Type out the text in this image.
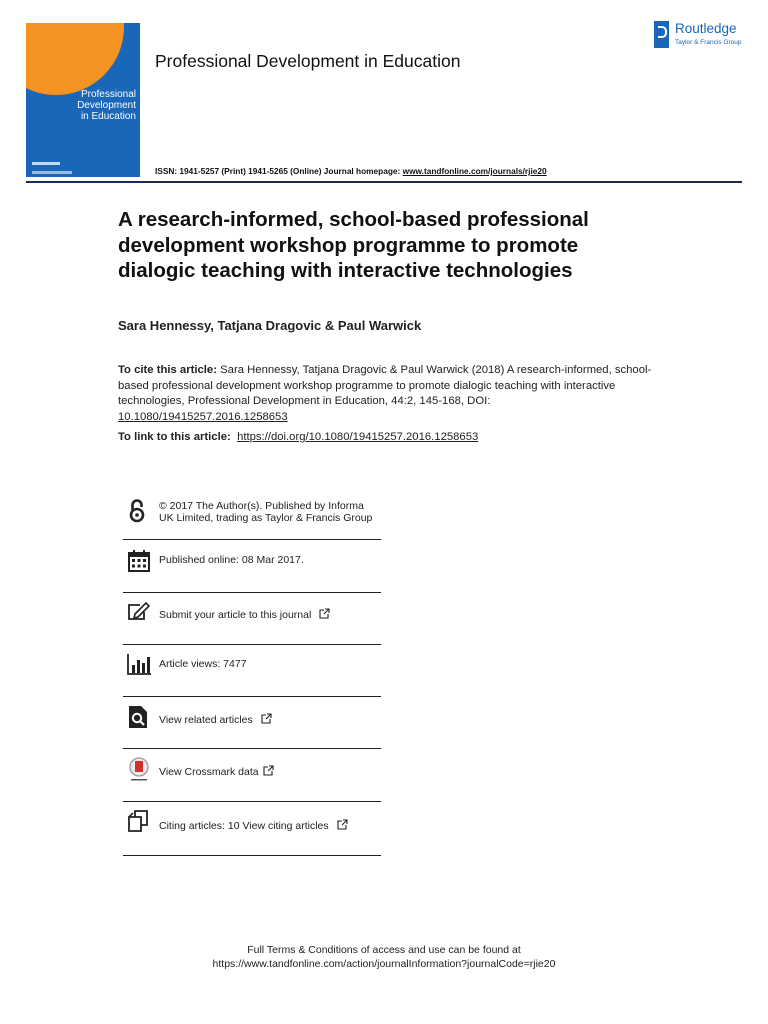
Professional
Development
in Education
Professional Development in Education
Routledge
Taylor & Francis Group
ISSN: 1941-5257 (Print) 1941-5265 (Online) Journal homepage: www.tandfonline.com/journals/rjie20
A research-informed, school-based professional development workshop programme to promote dialogic teaching with interactive technologies
Sara Hennessy, Tatjana Dragovic & Paul Warwick
To cite this article: Sara Hennessy, Tatjana Dragovic & Paul Warwick (2018) A research-informed, school-based professional development workshop programme to promote dialogic teaching with interactive technologies, Professional Development in Education, 44:2, 145-168, DOI: 10.1080/19415257.2016.1258653
To link to this article: https://doi.org/10.1080/19415257.2016.1258653
© 2017 The Author(s). Published by Informa UK Limited, trading as Taylor & Francis Group
Published online: 08 Mar 2017.
Submit your article to this journal
Article views: 7477
View related articles
View Crossmark data
Citing articles: 10 View citing articles
Full Terms & Conditions of access and use can be found at
https://www.tandfonline.com/action/journalInformation?journalCode=rjie20
